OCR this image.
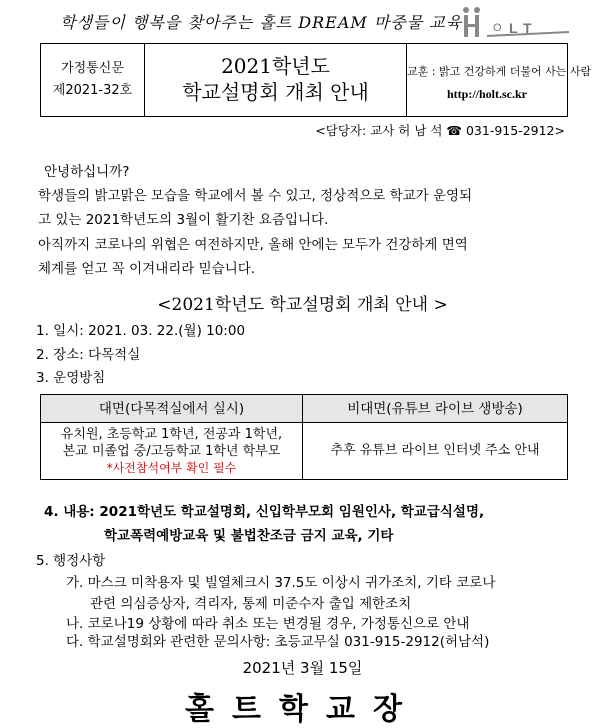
학생들이 행복을 찾아주는 홀트 DREAM 마중물 교육	O L T
가정통신문
제2021-32호
2021학년도
학교설명회 개최 안내
교훈 : 밝고 건강하게 더불어 사는 사람
http://holt.sc.kr
<담당자: 교사 허 남 석 ☎ 031-915-2912>
안녕하십니까?
학생들의 밝고맑은 모습을 학교에서 볼 수 있고, 정상적으로 학교가 운영되
고 있는 2021학년도의 3월이 활기찬 요즘입니다.
아직까지 코로나의 위협은 여전하지만, 올해 안에는 모두가 건강하게 면역
체계를 얻고 꼭 이겨내리라 믿습니다.
<2021학년도 학교설명회 개최 안내 >
1. 일시: 2021. 03. 22.(월) 10:00
2. 장소: 다목적실
3. 운영방침
대면(다목적실에서 실시)	비대면(유튜브 라이브 생방송)
유치원, 초등학교 1학년, 전공과 1학년,
본교 미졸업 중/고등학교 1학년 학부모
*사전참석여부 확인 필수
추후 유튜브 라이브 인터넷 주소 안내
4. 내용: 2021학년도 학교설명회, 신입학부모회 임원인사, 학교급식설명,
학교폭력예방교육 및 불법찬조금 금지 교육, 기타
5. 행정사항
가. 마스크 미착용자 및 빌열체크시 37.5도 이상시 귀가조치, 기타 코로나
관련 의심증상자, 격리자, 통제 미준수자 출입 제한조치
나. 코로나19 상황에 따라 취소 또는 변경될 경우, 가정통신으로 안내
다. 학교설명회와 관련한 문의사항: 초등교무실 031-915-2912(허남석)
2021년 3월 15일
홀트학교장
